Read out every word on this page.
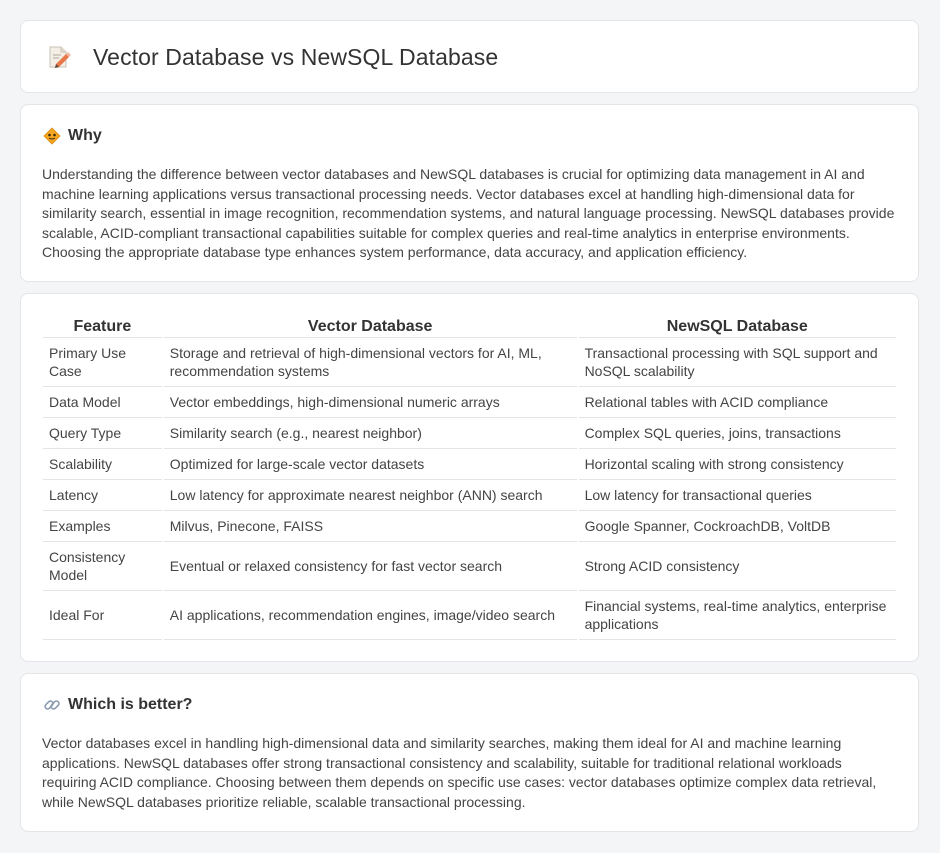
Vector Database vs NewSQL Database
Why

Understanding the difference between vector databases and NewSQL databases is crucial for optimizing data management in AI and machine learning applications versus transactional processing needs. Vector databases excel at handling high-dimensional data for similarity search, essential in image recognition, recommendation systems, and natural language processing. NewSQL databases provide scalable, ACID-compliant transactional capabilities suitable for complex queries and real-time analytics in enterprise environments. Choosing the appropriate database type enhances system performance, data accuracy, and application efficiency.

Feature	Vector Database	NewSQL Database
Primary Use Case	Storage and retrieval of high-dimensional vectors for AI, ML, recommendation systems	Transactional processing with SQL support and NoSQL scalability
Data Model	Vector embeddings, high-dimensional numeric arrays	Relational tables with ACID compliance
Query Type	Similarity search (e.g., nearest neighbor)	Complex SQL queries, joins, transactions
Scalability	Optimized for large-scale vector datasets	Horizontal scaling with strong consistency
Latency	Low latency for approximate nearest neighbor (ANN) search	Low latency for transactional queries
Examples	Milvus, Pinecone, FAISS	Google Spanner, CockroachDB, VoltDB
Consistency Model	Eventual or relaxed consistency for fast vector search	Strong ACID consistency
Ideal For	AI applications, recommendation engines, image/video search	Financial systems, real-time analytics, enterprise applications
Which is better?

Vector databases excel in handling high-dimensional data and similarity searches, making them ideal for AI and machine learning applications. NewSQL databases offer strong transactional consistency and scalability, suitable for traditional relational workloads requiring ACID compliance. Choosing between them depends on specific use cases: vector databases optimize complex data retrieval, while NewSQL databases prioritize reliable, scalable transactional processing.
